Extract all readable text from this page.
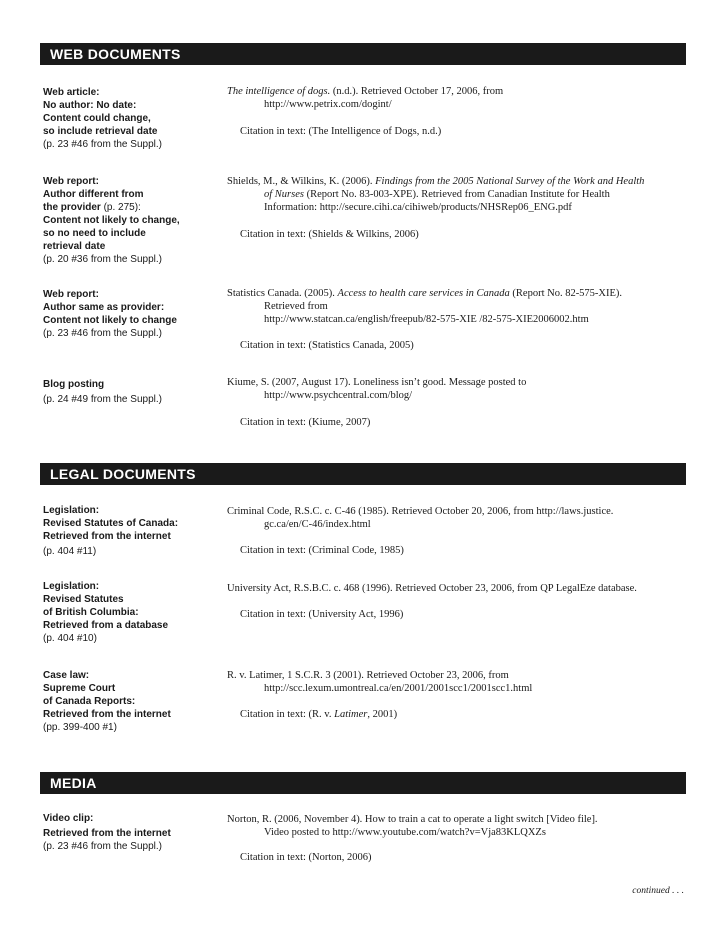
WEB DOCUMENTS
Web article:
No author: No date:
Content could change,
so include retrieval date
(p. 23 #46 from the Suppl.)
The intelligence of dogs. (n.d.). Retrieved October 17, 2006, from
http://www.petrix.com/dogint/
Citation in text: (The Intelligence of Dogs, n.d.)
Web report:
Author different from
the provider (p. 275):
Content not likely to change,
so no need to include
retrieval date
(p. 20 #36 from the Suppl.)
Shields, M., & Wilkins, K. (2006). Findings from the 2005 National Survey of the Work and Health
of Nurses (Report No. 83-003-XPE). Retrieved from Canadian Institute for Health
Information: http://secure.cihi.ca/cihiweb/products/NHSRep06_ENG.pdf
Citation in text: (Shields & Wilkins, 2006)
Web report:
Author same as provider:
Content not likely to change
(p. 23 #46 from the Suppl.)
Statistics Canada. (2005). Access to health care services in Canada (Report No. 82-575-XIE).
Retrieved from
http://www.statcan.ca/english/freepub/82-575-XIE /82-575-XIE2006002.htm
Citation in text: (Statistics Canada, 2005)
Blog posting
(p. 24 #49 from the Suppl.)
Kiume, S. (2007, August 17). Loneliness isn’t good. Message posted to
http://www.psychcentral.com/blog/
Citation in text: (Kiume, 2007)
LEGAL DOCUMENTS
Legislation:
Revised Statutes of Canada:
Retrieved from the internet
(p. 404 #11)
Criminal Code, R.S.C. c. C-46 (1985). Retrieved October 20, 2006, from http://laws.justice.
gc.ca/en/C-46/index.html
Citation in text: (Criminal Code, 1985)
Legislation:
Revised Statutes
of British Columbia:
Retrieved from a database
(p. 404 #10)
University Act, R.S.B.C. c. 468 (1996). Retrieved October 23, 2006, from QP LegalEze database.
Citation in text: (University Act, 1996)
Case law:
Supreme Court
of Canada Reports:
Retrieved from the internet
(pp. 399-400 #1)
R. v. Latimer, 1 S.C.R. 3 (2001). Retrieved October 23, 2006, from
http://scc.lexum.umontreal.ca/en/2001/2001scc1/2001scc1.html
Citation in text: (R. v. Latimer, 2001)
MEDIA
Video clip:
Retrieved from the internet
(p. 23 #46 from the Suppl.)
Norton, R. (2006, November 4). How to train a cat to operate a light switch [Video file].
Video posted to http://www.youtube.com/watch?v=Vja83KLQXZs
Citation in text: (Norton, 2006)
continued . . .
